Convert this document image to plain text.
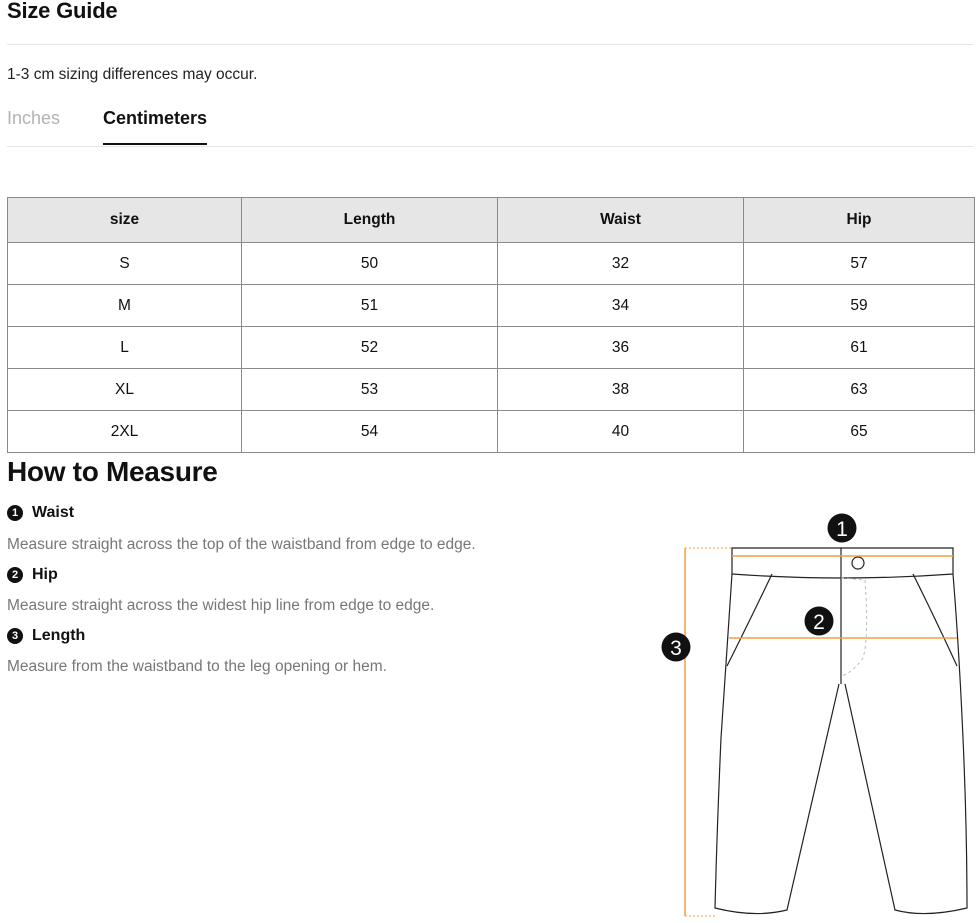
Size Guide
1-3 cm sizing differences may occur.
Inches Centimeters
size	Length	Waist	Hip
S	50	32	57
M	51	34	59
L	52	36	61
XL	53	38	63
2XL	54	40	65
How to Measure
1 Waist
Measure straight across the top of the waistband from edge to edge.
2 Hip
Measure straight across the widest hip line from edge to edge.
3 Length
Measure from the waistband to the leg opening or hem.
1
2
3
